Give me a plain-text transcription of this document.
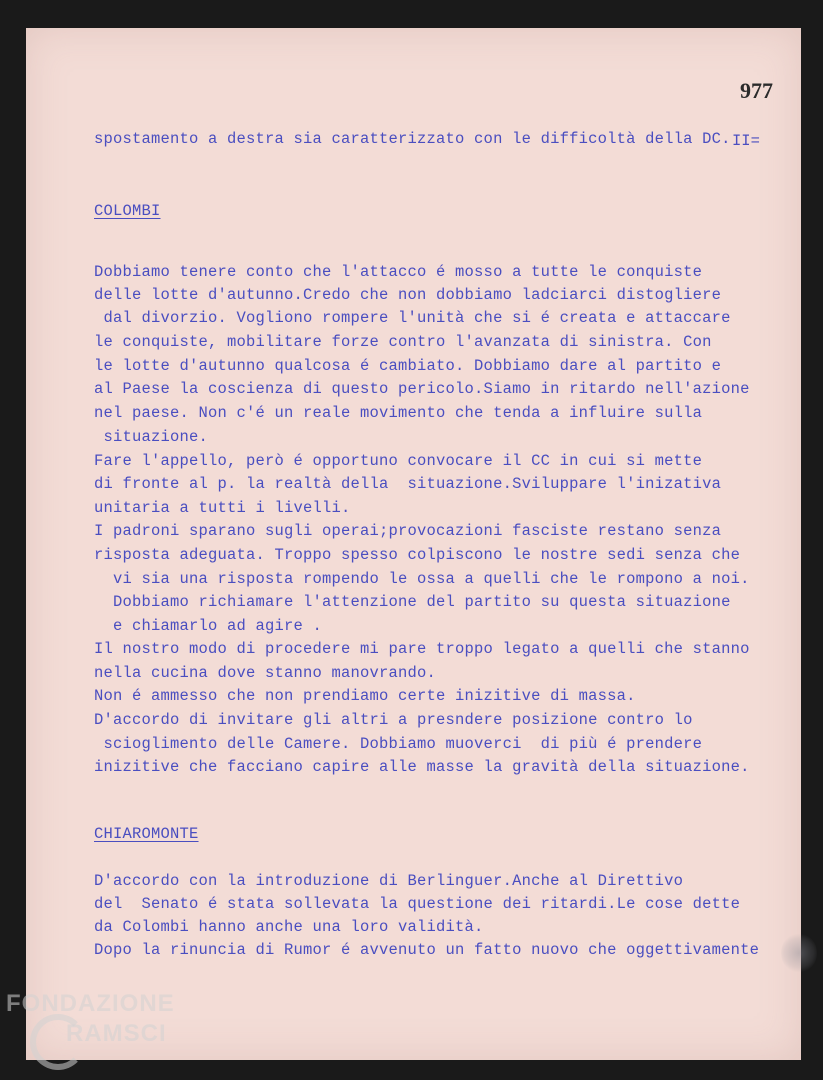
977
II=
spostamento a destra sia caratterizzato con le difficoltà della DC.
COLOMBI
Dobbiamo tenere conto che l'attacco é mosso a tutte le conquiste
delle lotte d'autunno.Credo che non dobbiamo ladciarci distogliere
dal divorzio. Vogliono rompere l'unità che si é creata e attaccare
le conquiste, mobilitare forze contro l'avanzata di sinistra. Con
le lotte d'autunno qualcosa é cambiato. Dobbiamo dare al partito e
al Paese la coscienza di questo pericolo.Siamo in ritardo nell'azione
nel paese. Non c'é un reale movimento che tenda a influire sulla
situazione.
Fare l'appello, però é opportuno convocare il CC in cui si mette
di fronte al p. la realtà della  situazione.Sviluppare l'inizativa
unitaria a tutti i livelli.
I padroni sparano sugli operai;provocazioni fasciste restano senza
risposta adeguata. Troppo spesso colpiscono le nostre sedi senza che
vi sia una risposta rompendo le ossa a quelli che le rompono a noi.
Dobbiamo richiamare l'attenzione del partito su questa situazione
e chiamarlo ad agire .
Il nostro modo di procedere mi pare troppo legato a quelli che stanno
nella cucina dove stanno manovrando.
Non é ammesso che non prendiamo certe inizitive di massa.
D'accordo di invitare gli altri a presndere posizione contro lo
scioglimento delle Camere. Dobbiamo muoverci  di più é prendere
inizitive che facciano capire alle masse la gravità della situazione.
CHIAROMONTE
D'accordo con la introduzione di Berlinguer.Anche al Direttivo
del  Senato é stata sollevata la questione dei ritardi.Le cose dette
da Colombi hanno anche una loro validità.
Dopo la rinuncia di Rumor é avvenuto un fatto nuovo che oggettivamente
FONDAZIONE
RAMSCI
